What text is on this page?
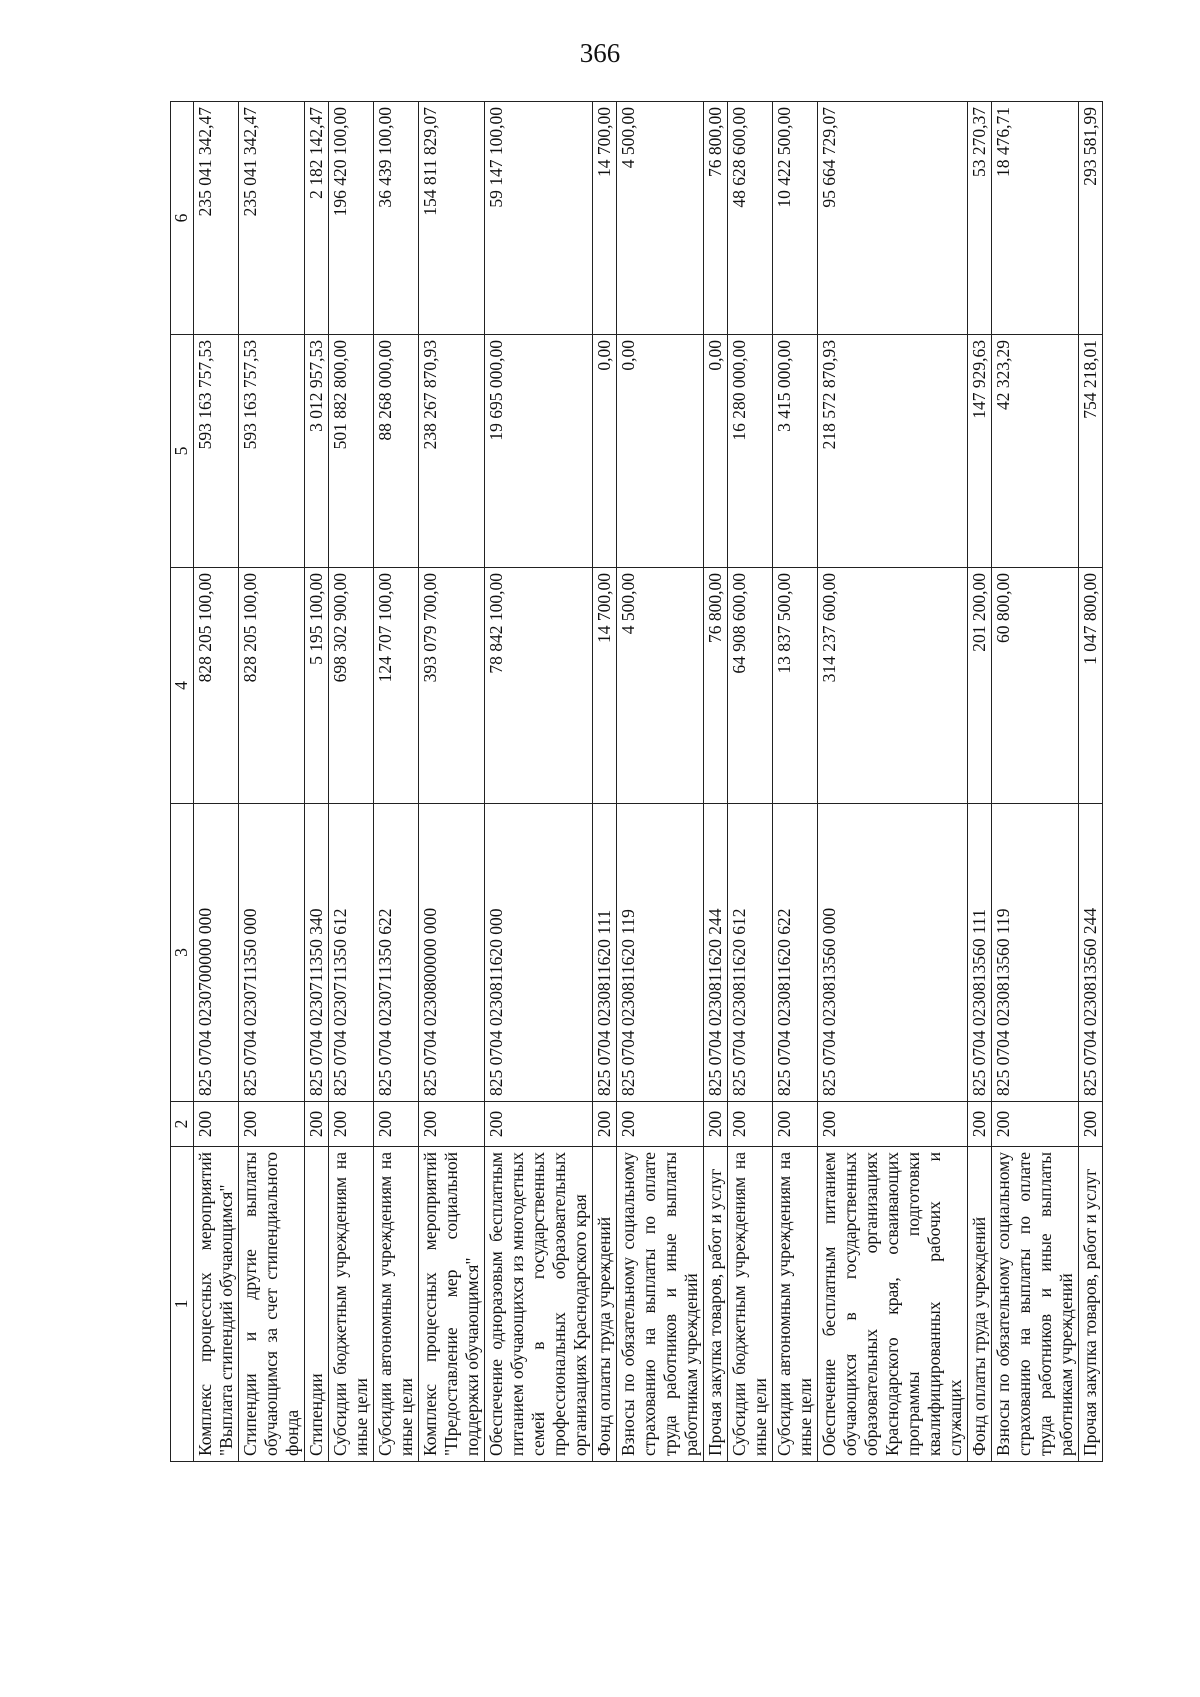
366
1	2	3	4	5	6
Комплекс процессных мероприятий "Выплата стипендий обучающимся"	200	825 0704 0230700000 000	828 205 100,00	593 163 757,53	235 041 342,47
Стипендии и другие выплаты обучающимся за счет стипендиального фонда	200	825 0704 0230711350 000	828 205 100,00	593 163 757,53	235 041 342,47
Стипендии	200	825 0704 0230711350 340	5 195 100,00	3 012 957,53	2 182 142,47
Субсидии бюджетным учреждениям на иные цели	200	825 0704 0230711350 612	698 302 900,00	501 882 800,00	196 420 100,00
Субсидии автономным учреждениям на иные цели	200	825 0704 0230711350 622	124 707 100,00	88 268 000,00	36 439 100,00
Комплекс процессных мероприятий "Предоставление мер социальной поддержки обучающимся"	200	825 0704 0230800000 000	393 079 700,00	238 267 870,93	154 811 829,07
Обеспечение одноразовым бесплатным питанием обучающихся из многодетных семей в государственных профессиональных образовательных организациях Краснодарского края	200	825 0704 0230811620 000	78 842 100,00	19 695 000,00	59 147 100,00
Фонд оплаты труда учреждений	200	825 0704 0230811620 111	14 700,00	0,00	14 700,00
Взносы по обязательному социальному страхованию на выплаты по оплате труда работников и иные выплаты работникам учреждений	200	825 0704 0230811620 119	4 500,00	0,00	4 500,00
Прочая закупка товаров, работ и услуг	200	825 0704 0230811620 244	76 800,00	0,00	76 800,00
Субсидии бюджетным учреждениям на иные цели	200	825 0704 0230811620 612	64 908 600,00	16 280 000,00	48 628 600,00
Субсидии автономным учреждениям на иные цели	200	825 0704 0230811620 622	13 837 500,00	3 415 000,00	10 422 500,00
Обеспечение бесплатным питанием обучающихся в государственных образовательных организациях Краснодарского края, осваивающих программы подготовки квалифицированных рабочих и служащих	200	825 0704 0230813560 000	314 237 600,00	218 572 870,93	95 664 729,07
Фонд оплаты труда учреждений	200	825 0704 0230813560 111	201 200,00	147 929,63	53 270,37
Взносы по обязательному социальному страхованию на выплаты по оплате труда работников и иные выплаты работникам учреждений	200	825 0704 0230813560 119	60 800,00	42 323,29	18 476,71
Прочая закупка товаров, работ и услуг	200	825 0704 0230813560 244	1 047 800,00	754 218,01	293 581,99
